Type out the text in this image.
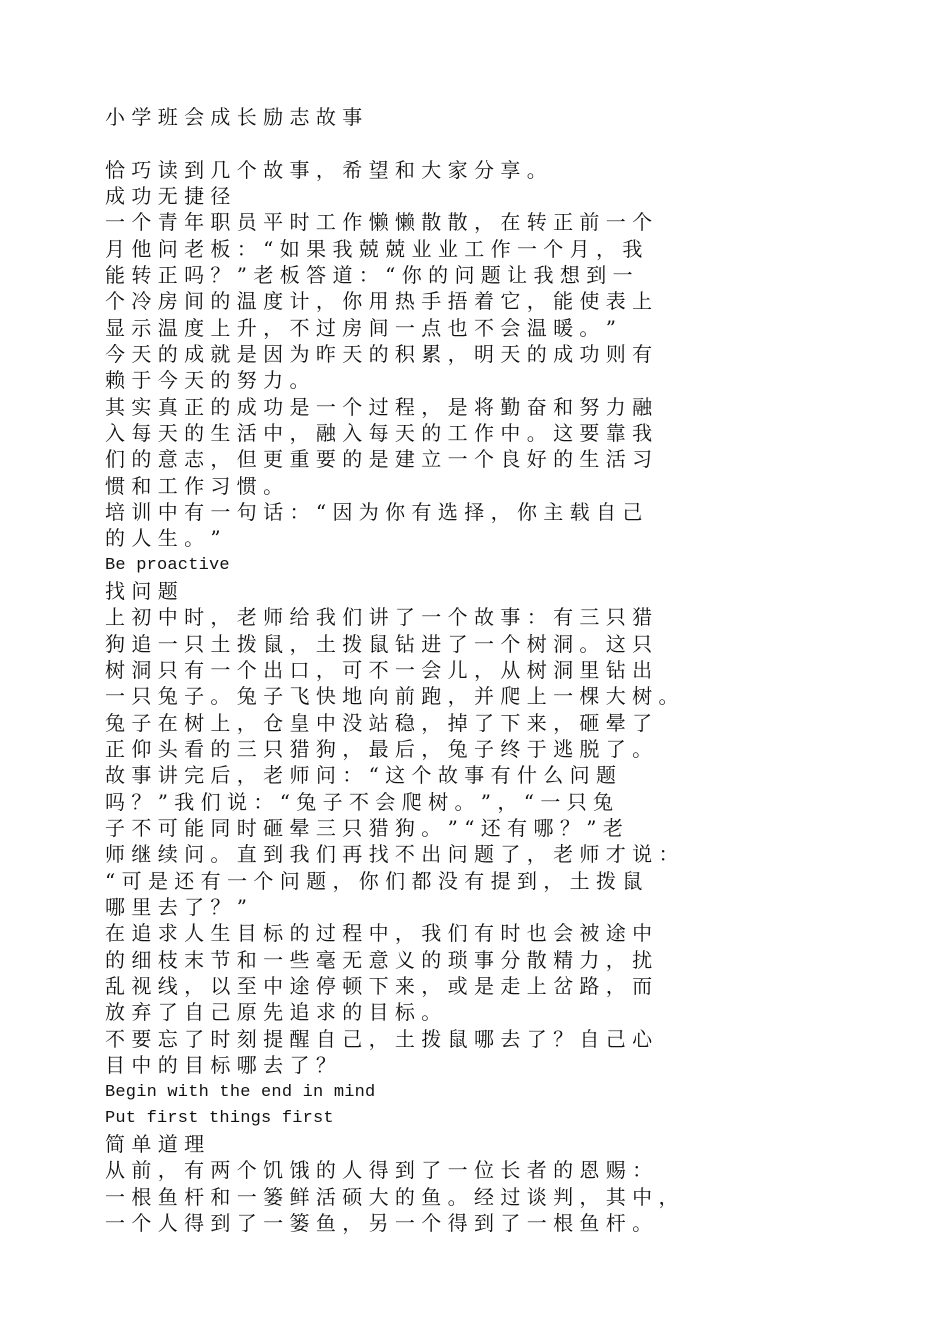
小 学 班 会 成 长 励 志 故 事
恰 巧 读 到 几 个 故 事 ， 希 望 和 大 家 分 享 。
成 功 无 捷 径
一 个 青 年 职 员 平 时 工 作 懒 懒 散 散 ， 在 转 正 前 一 个
月 他 问 老 板 ： “ 如 果 我 兢 兢 业 业 工 作 一 个 月 ， 我
能 转 正 吗 ？ ” 老 板 答 道 ： “ 你 的 问 题 让 我 想 到 一
个 冷 房 间 的 温 度 计 ， 你 用 热 手 捂 着 它 ， 能 使 表 上
显 示 温 度 上 升 ， 不 过 房 间 一 点 也 不 会 温 暖 。 ”
今 天 的 成 就 是 因 为 昨 天 的 积 累 ， 明 天 的 成 功 则 有
赖 于 今 天 的 努 力 。
其 实 真 正 的 成 功 是 一 个 过 程 ， 是 将 勤 奋 和 努 力 融
入 每 天 的 生 活 中 ， 融 入 每 天 的 工 作 中 。 这 要 靠 我
们 的 意 志 ， 但 更 重 要 的 是 建 立 一 个 良 好 的 生 活 习
惯 和 工 作 习 惯 。
培 训 中 有 一 句 话 ： “ 因 为 你 有 选 择 ， 你 主 载 自 己
的 人 生 。 ”
Be proactive
找 问 题
上 初 中 时 ， 老 师 给 我 们 讲 了 一 个 故 事 ： 有 三 只 猎
狗 追 一 只 土 拨 鼠 ， 土 拨 鼠 钻 进 了 一 个 树 洞 。 这 只
树 洞 只 有 一 个 出 口 ， 可 不 一 会 儿 ， 从 树 洞 里 钻 出
一 只 兔 子 。 兔 子 飞 快 地 向 前 跑 ， 并 爬 上 一 棵 大 树 。
兔 子 在 树 上 ， 仓 皇 中 没 站 稳 ， 掉 了 下 来 ， 砸 晕 了
正 仰 头 看 的 三 只 猎 狗 ， 最 后 ， 兔 子 终 于 逃 脱 了 。
故 事 讲 完 后 ， 老 师 问 ： “ 这 个 故 事 有 什 么 问 题
吗 ？ ” 我 们 说 ： “ 兔 子 不 会 爬 树 。 ” ， “ 一 只 兔
子 不 可 能 同 时 砸 晕 三 只 猎 狗 。 ” “ 还 有 哪 ？ ” 老
师 继 续 问 。 直 到 我 们 再 找 不 出 问 题 了 ， 老 师 才 说 ：
“ 可 是 还 有 一 个 问 题 ， 你 们 都 没 有 提 到 ， 土 拨 鼠
哪 里 去 了 ？ ”
在 追 求 人 生 目 标 的 过 程 中 ， 我 们 有 时 也 会 被 途 中
的 细 枝 末 节 和 一 些 毫 无 意 义 的 琐 事 分 散 精 力 ， 扰
乱 视 线 ， 以 至 中 途 停 顿 下 来 ， 或 是 走 上 岔 路 ， 而
放 弃 了 自 己 原 先 追 求 的 目 标 。
不 要 忘 了 时 刻 提 醒 自 己 ， 土 拨 鼠 哪 去 了 ？ 自 己 心
目 中 的 目 标 哪 去 了 ？
Begin with the end in mind
Put first things first
简 单 道 理
从 前 ， 有 两 个 饥 饿 的 人 得 到 了 一 位 长 者 的 恩 赐 ：
一 根 鱼 杆 和 一 篓 鲜 活 硕 大 的 鱼 。 经 过 谈 判 ， 其 中 ，
一 个 人 得 到 了 一 篓 鱼 ， 另 一 个 得 到 了 一 根 鱼 杆 。
